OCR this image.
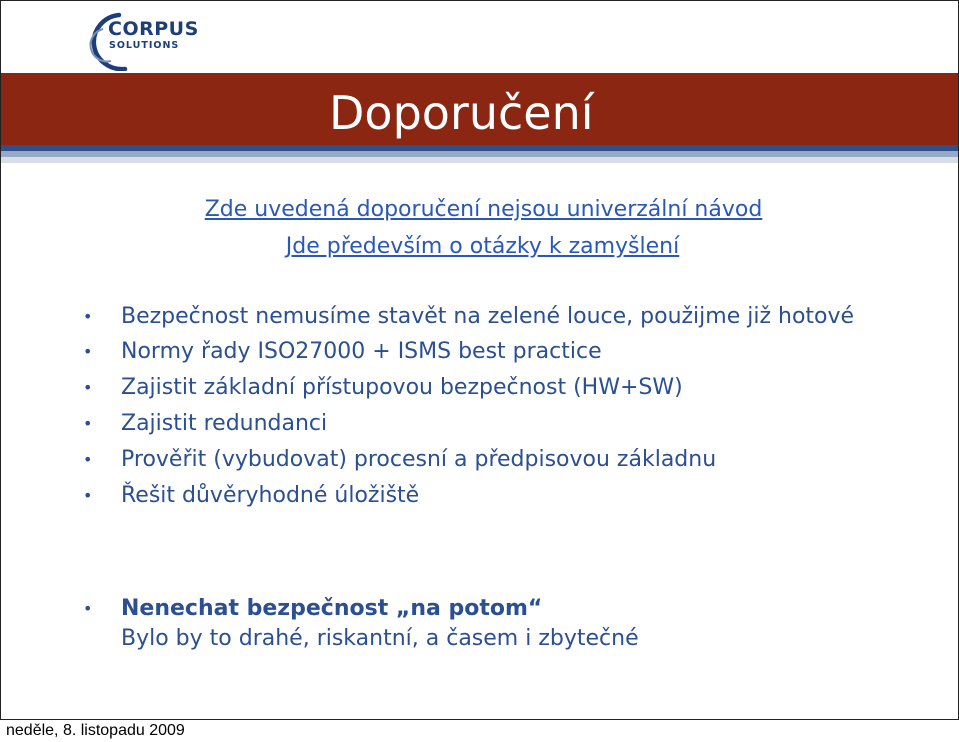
CORPUS
SOLUTIONS
Doporučení
Zde uvedená doporučení nejsou univerzální návod
Jde především o otázky k zamyšlení
• Bezpečnost nemusíme stavět na zelené louce, použijme již hotové
• Normy řady ISO27000 + ISMS best practice
• Zajistit základní přístupovou bezpečnost (HW+SW)
• Zajistit redundanci
• Prověřit (vybudovat) procesní a předpisovou základnu
• Řešit důvěryhodné úložiště
• Nenechat bezpečnost „na potom“
Bylo by to drahé, riskantní, a časem i zbytečné
neděle, 8. listopadu 2009
